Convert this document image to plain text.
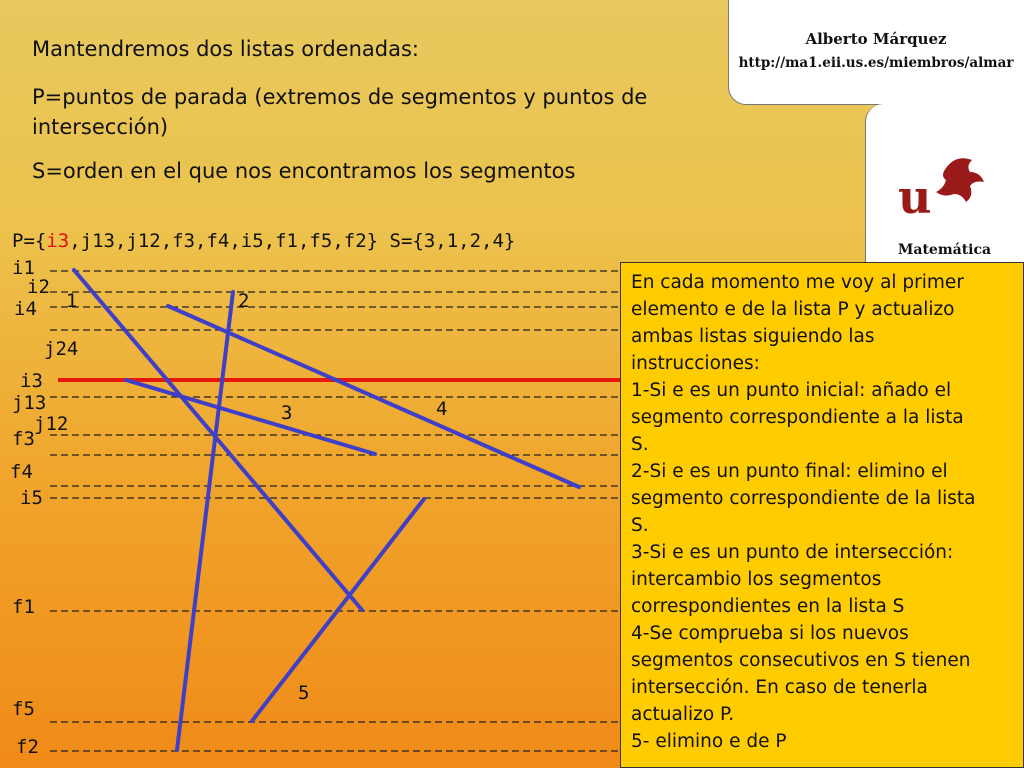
Alberto Márquez
http://ma1.eii.us.es/miembros/almar
u
Matemática
Mantendremos dos listas ordenadas:
P=puntos de parada (extremos de segmentos y puntos de
intersección)
S=orden en el que nos encontramos los segmentos
P={i3,j13,j12,f3,f4,i5,f1,f5,f2} S={3,1,2,4}
i1
i2
i4
j24
i3
j13
j12
f3
f4
i5
f1
f5
f2
1	2
3	4
5

En cada momento me voy al primer

elemento e de la lista P y actualizo

ambas listas siguiendo las

instrucciones:

1-Si e es un punto inicial: añado el

segmento correspondiente a la lista

S.

2-Si e es un punto final: elimino el

segmento correspondiente de la lista

S.

3-Si e es un punto de intersección:

intercambio los segmentos

correspondientes en la lista S

4-Se comprueba si los nuevos

segmentos consecutivos en S tienen

intersección. En caso de tenerla

actualizo P.

5- elimino e de P
